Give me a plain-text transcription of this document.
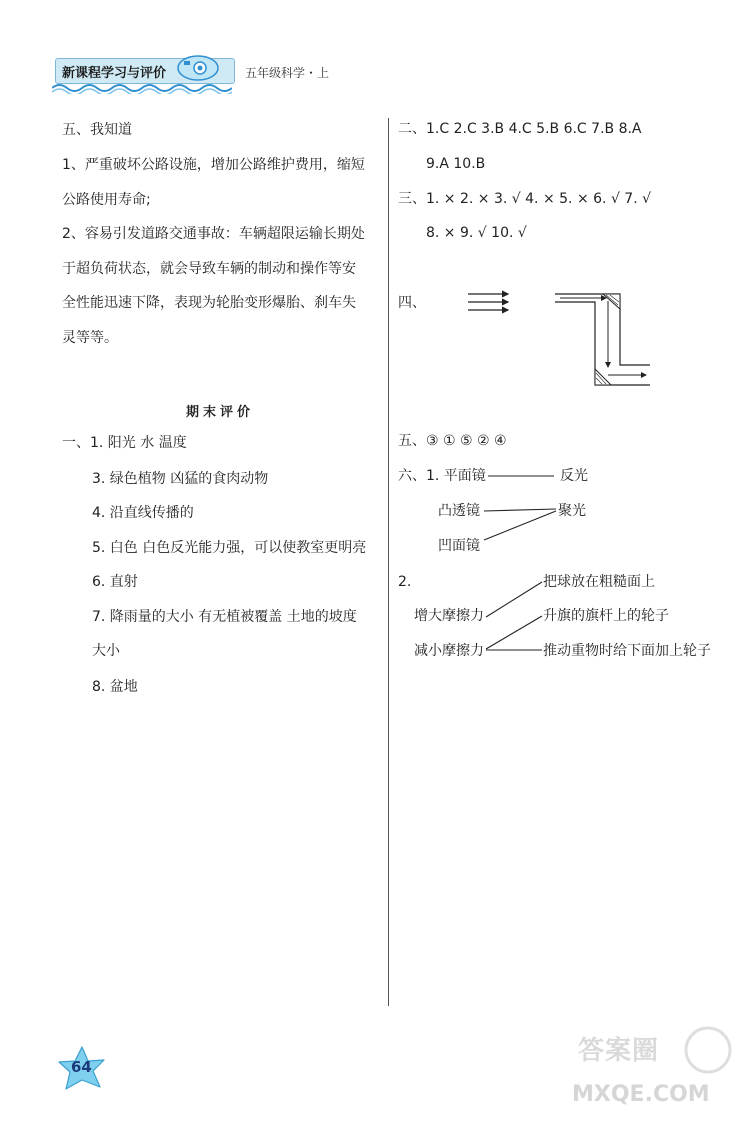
新课程学习与评价	五年级科学・上
五、我知道
1、严重破坏公路设施，增加公路维护费用，缩短
公路使用寿命;
2、容易引发道路交通事故：车辆超限运输长期处
于超负荷状态，就会导致车辆的制动和操作等安
全性能迅速下降，表现为轮胎变形爆胎、刹车失
灵等等。
期末评价
一、1. 阳光 水 温度
3. 绿色植物 凶猛的食肉动物
4. 沿直线传播的
5. 白色 白色反光能力强，可以使教室更明亮
6. 直射
7. 降雨量的大小 有无植被覆盖 土地的坡度
大小
8. 盆地
二、1.C 2.C 3.B 4.C 5.B 6.C 7.B 8.A
9.A 10.B
三、1. × 2. × 3. √ 4. × 5. × 6. √ 7. √
8. × 9. √ 10. √
四、
五、③ ① ⑤ ② ④
六、1. 平面镜	反光
凸透镜	聚光
凹面镜
2.	把球放在粗糙面上
增大摩擦力	升旗的旗杆上的轮子
减小摩擦力	推动重物时给下面加上轮子
64
答案圈
MXQE.COM
